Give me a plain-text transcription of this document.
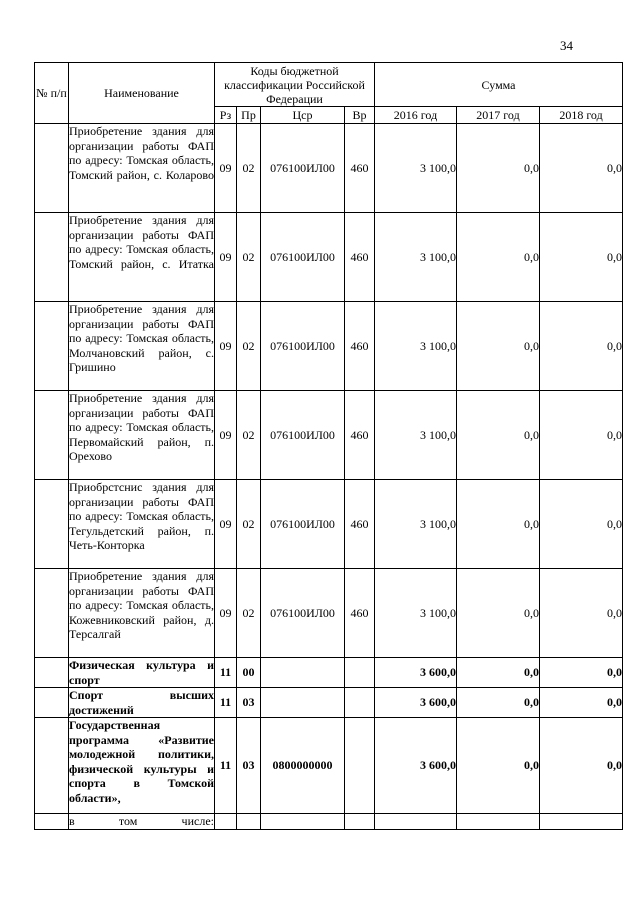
34
№ п/п	Наименование	Коды бюджетной классификации Российской Федерации				Сумма		
		Рз	Пр	Цср	Вр	2016 год	2017 год	2018 год
	Приобретение здания для организации работы ФАП по адресу: Томская область, Томский район, с. Коларово	09	02	076100ИЛ00	460	3 100,0	0,0	0,0
	Приобретение здания для организации работы ФАП по адресу: Томская область, Томский район, с. Итатка	09	02	076100ИЛ00	460	3 100,0	0,0	0,0
	Приобретение здания для организации работы ФАП по адресу: Томская область, Молчановский район, с. Гришино	09	02	076100ИЛ00	460	3 100,0	0,0	0,0
	Приобретение здания для организации работы ФАП по адресу: Томская область, Первомайский район, п. Орехово	09	02	076100ИЛ00	460	3 100,0	0,0	0,0
	Приобрстснис здания для организации работы ФАП по адресу: Томская область, Тегульдетский район, п. Четь-Конторка	09	02	076100ИЛ00	460	3 100,0	0,0	0,0
	Приобретение здания для организации работы ФАП по адресу: Томская область, Кожевниковский район, д. Терсалгай	09	02	076100ИЛ00	460	3 100,0	0,0	0,0
	Физическая культура и спорт	11	00			3 600,0	0,0	0,0
	Спорт высших достижений	11	03			3 600,0	0,0	0,0
	Государственная программа «Развитие молодежной политики, физической культуры и спорта в Томской области»,	11	03	0800000000		3 600,0	0,0	0,0
	в том числе:							
